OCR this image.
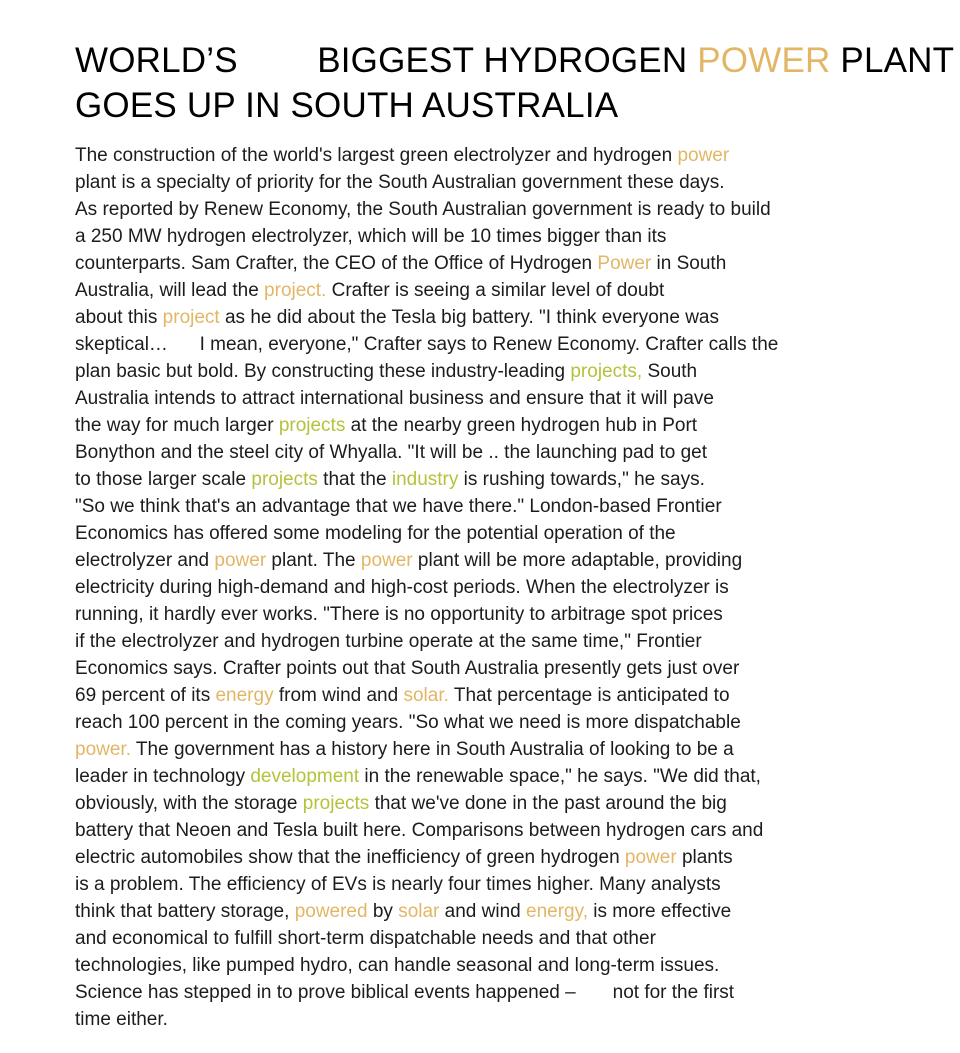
WORLD’S        BIGGEST HYDROGEN POWER PLANT
GOES UP IN SOUTH AUSTRALIA
The construction of the world's largest green electrolyzer and hydrogen power
plant is a specialty of priority for the South Australian government these days.
As reported by Renew Economy, the South Australian government is ready to build
a 250 MW hydrogen electrolyzer, which will be 10 times bigger than its
counterparts. Sam Crafter, the CEO of the Office of Hydrogen Power in South
Australia, will lead the project. Crafter is seeing a similar level of doubt
about this project as he did about the Tesla big battery. "I think everyone was
skeptical…      I mean, everyone," Crafter says to Renew Economy. Crafter calls the
plan basic but bold. By constructing these industry-leading projects, South
Australia intends to attract international business and ensure that it will pave
the way for much larger projects at the nearby green hydrogen hub in Port
Bonython and the steel city of Whyalla. "It will be .. the launching pad to get
to those larger scale projects that the industry is rushing towards," he says.
"So we think that's an advantage that we have there." London-based Frontier
Economics has offered some modeling for the potential operation of the
electrolyzer and power plant. The power plant will be more adaptable, providing
electricity during high-demand and high-cost periods. When the electrolyzer is
running, it hardly ever works. "There is no opportunity to arbitrage spot prices
if the electrolyzer and hydrogen turbine operate at the same time," Frontier
Economics says. Crafter points out that South Australia presently gets just over
69 percent of its energy from wind and solar. That percentage is anticipated to
reach 100 percent in the coming years. "So what we need is more dispatchable
power. The government has a history here in South Australia of looking to be a
leader in technology development in the renewable space," he says. "We did that,
obviously, with the storage projects that we've done in the past around the big
battery that Neoen and Tesla built here. Comparisons between hydrogen cars and
electric automobiles show that the inefficiency of green hydrogen power plants
is a problem. The efficiency of EVs is nearly four times higher. Many analysts
think that battery storage, powered by solar and wind energy, is more effective
and economical to fulfill short-term dispatchable needs and that other
technologies, like pumped hydro, can handle seasonal and long-term issues.
Science has stepped in to prove biblical events happened –       not for the first
time either.
